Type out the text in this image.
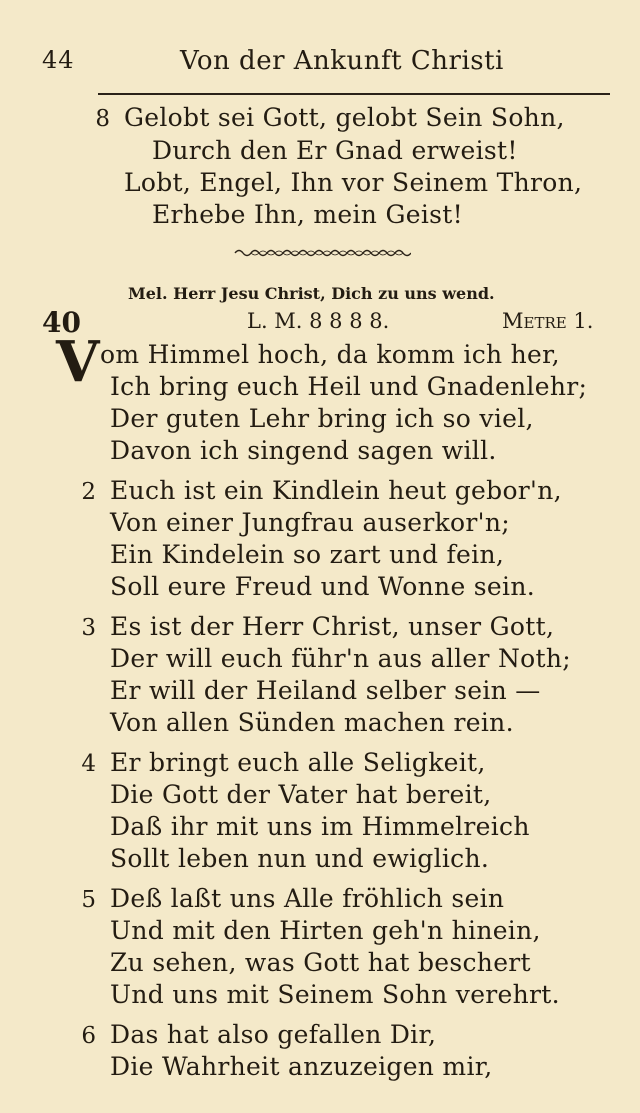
44	Von der Ankunft Christi
8 Gelobt sei Gott, gelobt Sein Sohn,
Durch den Er Gnad erweist!
Lobt, Engel, Ihn vor Seinem Thron,
Erhebe Ihn, mein Geist!
Mel. Herr Jesu Christ, Dich zu uns wend.
40	L. M. 8 8 8 8.	Metre 1.
V om Himmel hoch, da komm ich her,
Ich bring euch Heil und Gnadenlehr;
Der guten Lehr bring ich so viel,
Davon ich singend sagen will.
2 Euch ist ein Kindlein heut gebor'n,
Von einer Jungfrau auserkor'n;
Ein Kindelein so zart und fein,
Soll eure Freud und Wonne sein.
3 Es ist der Herr Christ, unser Gott,
Der will euch führ'n aus aller Noth;
Er will der Heiland selber sein —
Von allen Sünden machen rein.
4 Er bringt euch alle Seligkeit,
Die Gott der Vater hat bereit,
Daß ihr mit uns im Himmelreich
Sollt leben nun und ewiglich.
5 Deß laßt uns Alle fröhlich sein
Und mit den Hirten geh'n hinein,
Zu sehen, was Gott hat beschert
Und uns mit Seinem Sohn verehrt.
6 Das hat also gefallen Dir,
Die Wahrheit anzuzeigen mir,
